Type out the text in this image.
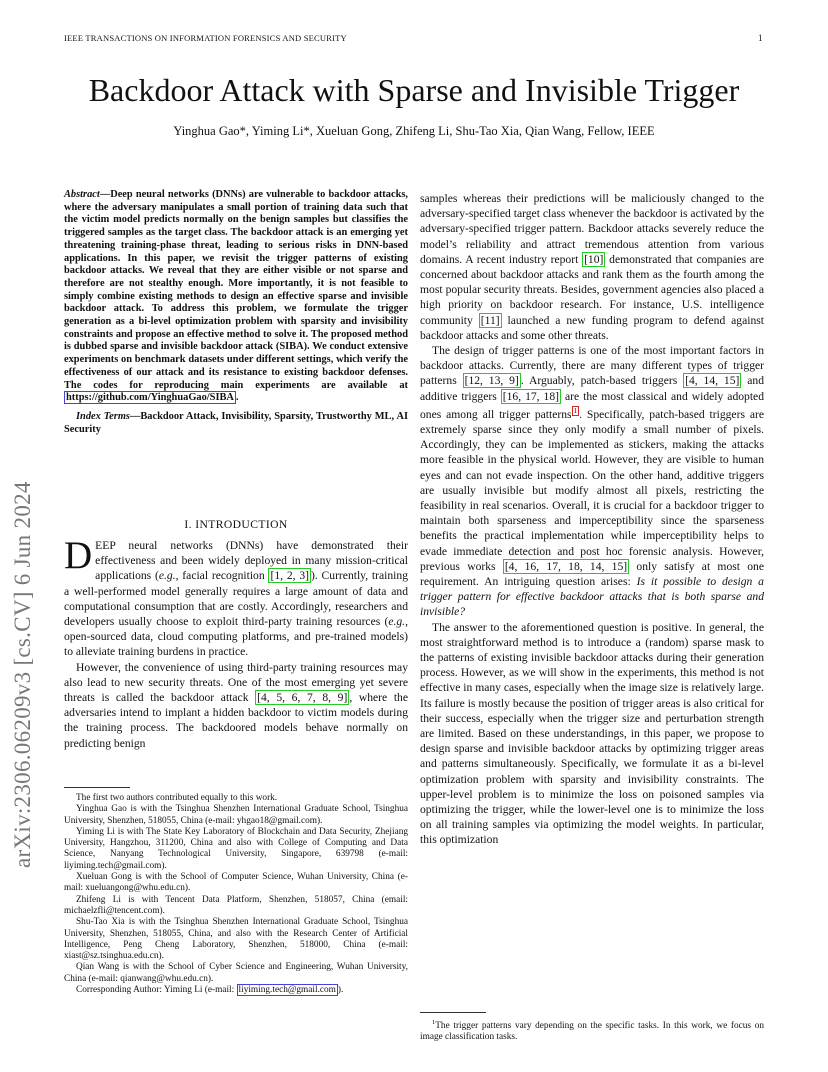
IEEE TRANSACTIONS ON INFORMATION FORENSICS AND SECURITY	1
Backdoor Attack with Sparse and Invisible Trigger
Yinghua Gao*, Yiming Li*, Xueluan Gong, Zhifeng Li, Shu-Tao Xia, Qian Wang, Fellow, IEEE
arXiv:2306.06209v3 [cs.CV] 6 Jun 2024

Abstract—Deep neural networks (DNNs) are vulnerable to backdoor attacks, where the adversary manipulates a small portion of training data such that the victim model predicts normally on the benign samples but classifies the triggered samples as the target class. The backdoor attack is an emerging yet threatening training-phase threat, leading to serious risks in DNN-based applications. In this paper, we revisit the trigger patterns of existing backdoor attacks. We reveal that they are either visible or not sparse and therefore are not stealthy enough. More importantly, it is not feasible to simply combine existing methods to design an effective sparse and invisible backdoor attack. To address this problem, we formulate the trigger generation as a bi-level optimization problem with sparsity and invisibility constraints and propose an effective method to solve it. The proposed method is dubbed sparse and invisible backdoor attack (SIBA). We conduct extensive experiments on benchmark datasets under different settings, which verify the effectiveness of our attack and its resistance to existing backdoor defenses. The codes for reproducing main experiments are available at https://github.com/YinghuaGao/SIBA .

Index Terms—Backdoor Attack, Invisibility, Sparsity, Trustworthy ML, AI Security

I. INTRODUCTION

DEEP neural networks (DNNs) have demonstrated their effectiveness and been widely deployed in many mission-critical applications (e.g., facial recognition [1, 2, 3] ). Currently, training a well-performed model generally requires a large amount of data and computational consumption that are costly. Accordingly, researchers and developers usually choose to exploit third-party training resources (e.g., open-sourced data, cloud computing platforms, and pre-trained models) to alleviate training burdens in practice.

However, the convenience of using third-party training resources may also lead to new security threats. One of the most emerging yet severe threats is called the backdoor attack [4, 5, 6, 7, 8, 9] , where the adversaries intend to implant a hidden backdoor to victim models during the training process. The backdoored models behave normally on predicting benign

The first two authors contributed equally to this work.

Yinghua Gao is with the Tsinghua Shenzhen International Graduate School, Tsinghua University, Shenzhen, 518055, China (e-mail: yhgao18@gmail.com).

Yiming Li is with The State Key Laboratory of Blockchain and Data Security, Zhejiang University, Hangzhou, 311200, China and also with College of Computing and Data Science, Nanyang Technological University, Singapore, 639798 (e-mail: liyiming.tech@gmail.com).

Xueluan Gong is with the School of Computer Science, Wuhan University, China (e-mail: xueluangong@whu.edu.cn).

Zhifeng Li is with Tencent Data Platform, Shenzhen, 518057, China (email: michaelzfli@tencent.com).

Shu-Tao Xia is with the Tsinghua Shenzhen International Graduate School, Tsinghua University, Shenzhen, 518055, China, and also with the Research Center of Artificial Intelligence, Peng Cheng Laboratory, Shenzhen, 518000, China (e-mail: xiast@sz.tsinghua.edu.cn).

Qian Wang is with the School of Cyber Science and Engineering, Wuhan University, China (e-mail: qianwang@whu.edu.cn).

Corresponding Author: Yiming Li (e-mail: liyiming.tech@gmail.com ).

samples whereas their predictions will be maliciously changed to the adversary-specified target class whenever the backdoor is activated by the adversary-specified trigger pattern. Backdoor attacks severely reduce the model’s reliability and attract tremendous attention from various domains. A recent industry report [10] demonstrated that companies are concerned about backdoor attacks and rank them as the fourth among the most popular security threats. Besides, government agencies also placed a high priority on backdoor research. For instance, U.S. intelligence community [11] launched a new funding program to defend against backdoor attacks and some other threats.

The design of trigger patterns is one of the most important factors in backdoor attacks. Currently, there are many different types of trigger patterns [12, 13, 9] . Arguably, patch-based triggers [4, 14, 15] and additive triggers [16, 17, 18] are the most classical and widely adopted ones among all trigger patterns $^1$ . Specifically, patch-based triggers are extremely sparse since they only modify a small number of pixels. Accordingly, they can be implemented as stickers, making the attacks more feasible in the physical world. However, they are visible to human eyes and can not evade inspection. On the other hand, additive triggers are usually invisible but modify almost all pixels, restricting the feasibility in real scenarios. Overall, it is crucial for a backdoor trigger to maintain both sparseness and imperceptibility since the sparseness benefits the practical implementation while imperceptibility helps to evade immediate detection and post hoc forensic analysis. However, previous works [4, 16, 17, 18, 14, 15] only satisfy at most one requirement. An intriguing question arises: Is it possible to design a trigger pattern for effective backdoor attacks that is both sparse and invisible?

The answer to the aforementioned question is positive. In general, the most straightforward method is to introduce a (random) sparse mask to the patterns of existing invisible backdoor attacks during their generation process. However, as we will show in the experiments, this method is not effective in many cases, especially when the image size is relatively large. Its failure is mostly because the position of trigger areas is also critical for their success, especially when the trigger size and perturbation strength are limited. Based on these understandings, in this paper, we propose to design sparse and invisible backdoor attacks by optimizing trigger areas and patterns simultaneously. Specifically, we formulate it as a bi-level optimization problem with sparsity and invisibility constraints. The upper-level problem is to minimize the loss on poisoned samples via optimizing the trigger, while the lower-level one is to minimize the loss on all training samples via optimizing the model weights. In particular, this optimization

$^1$The trigger patterns vary depending on the specific tasks. In this work, we focus on image classification tasks.
